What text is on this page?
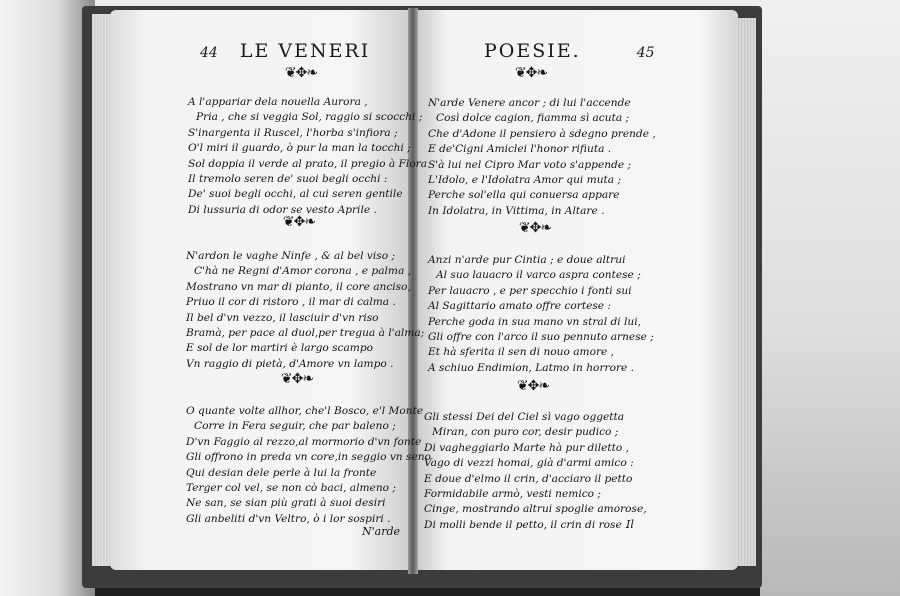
44 LE VENERI	POESIE.	45
❦✥❧
❦✥❧
❦✥❧
❦✥❧
❦✥❧
❦✥❧
A l'appariar dela nouella Aurora ,
Pria , che si veggia Sol, raggio si scocchi ;
S'inargenta il Ruscel, l'horba s'infiora ;
O'l miri il guardo, ò pur la man la tocchi ;
Sol doppia il verde al prato, il pregio à Flora
Il tremolo seren de' suoi begli occhi :
De' suoi begli occhi, al cui seren gentile
Di lussuria di odor se vesto Aprile .
N'ardon le vaghe Ninfe , & al bel viso ;
C'hà ne Regni d'Amor corona , e palma ,
Mostrano vn mar di pianto, il core anciso,
Priuo il cor di ristoro , il mar di calma .
Il bel d'vn vezzo, il lasciuir d'vn riso
Bramà, per pace al duol,per tregua à l'alma;
E sol de lor martiri è largo scampo
Vn raggio di pietà, d'Amore vn lampo .
O quante volte allhor, che'l Bosco, e'l Monte
Corre in Fera seguir, che par baleno ;
D'vn Faggio al rezzo,al mormorio d'vn fonte
Gli offrono in preda vn core,in seggio vn seno
Qui desian dele perle à lui la fronte
Terger col vel, se non cò baci, almeno ;
Ne san, se sian più grati à suoi desiri
Gli anbeliti d'vn Veltro, ò i lor sospiri .
N'arde
N'arde Venere ancor ; di lui l'accende
Così dolce cagion, fiamma sì acuta ;
Che d'Adone il pensiero à sdegno prende ,
E de'Cigni Amiclei l'honor rifiuta .
S'à lui nel Cipro Mar voto s'appende ;
L'Idolo, e l'Idolatra Amor qui muta ;
Perche sol'ella qui conuersa appare
In Idolatra, in Vittima, in Altare .
Anzi n'arde pur Cintia ; e doue altrui
Al suo lauacro il varco aspra contese ;
Per lauacro , e per specchio i fonti sui
Al Sagittario amato offre cortese :
Perche goda in sua mano vn stral di lui,
Gli offre con l'arco il suo pennuto arnese ;
Et hà sferita il sen di nouo amore ,
A schiuo Endimion, Latmo in horrore .
Gli stessi Dei del Ciel sì vago oggetta
Miran, con puro cor, desir pudico ;
Di vagheggiarlo Marte hà pur diletto ,
Vago di vezzi homai, già d'armi amico :
E doue d'elmo il crin, d'acciaro il petto
Formidabile armò, vesti nemico ;
Cinge, mostrando altrui spoglie amorose,
Di molli bende il petto, il crin di rose .
Il
